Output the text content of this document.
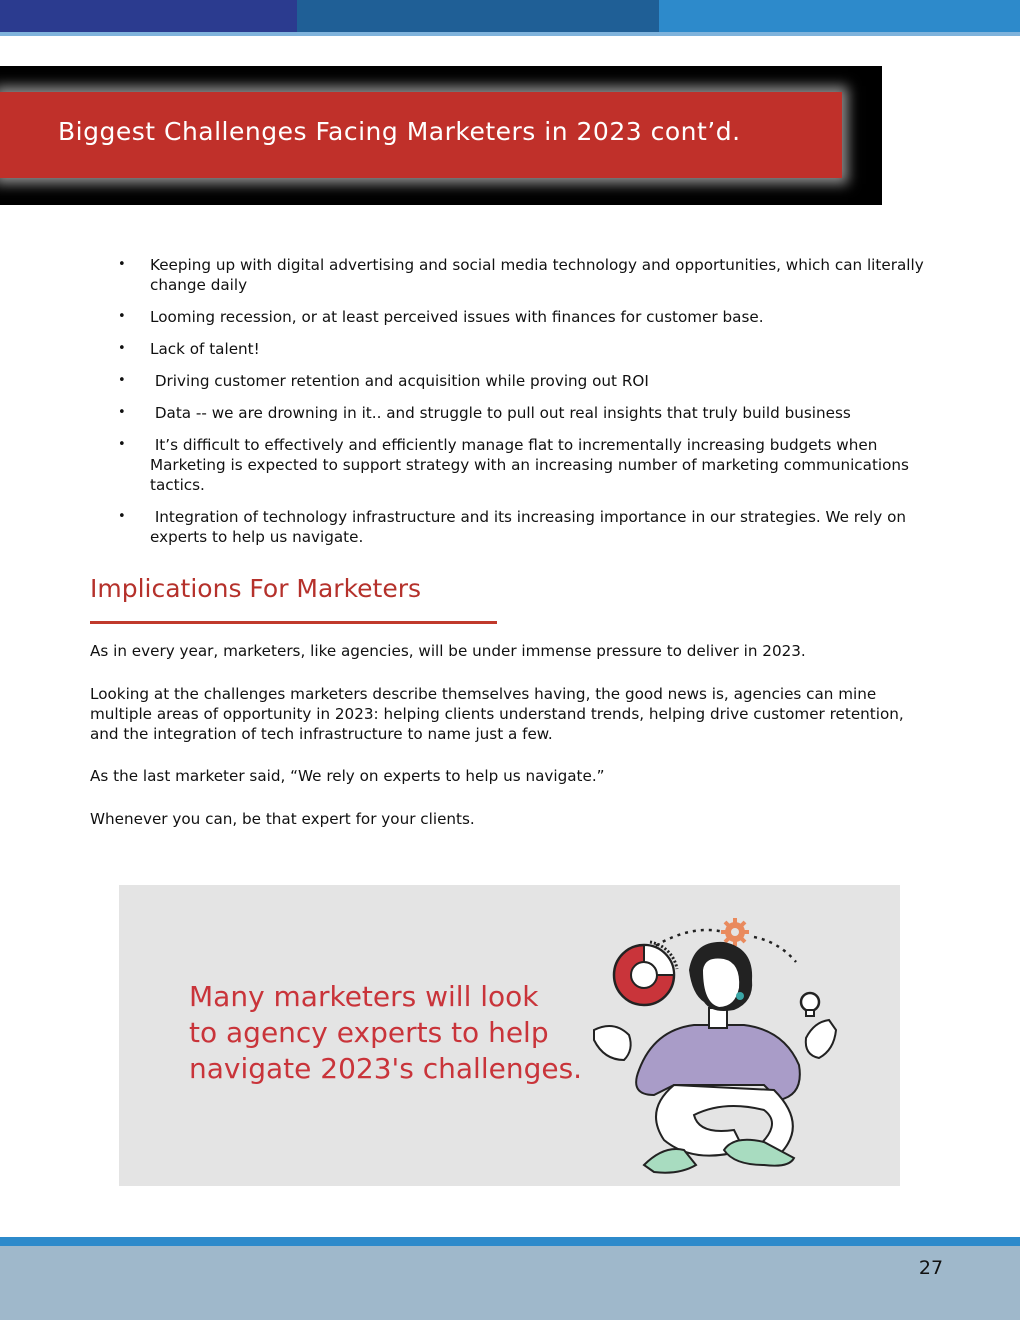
Biggest Challenges Facing Marketers in 2023 cont’d.
• Keeping up with digital advertising and social media technology and opportunities, which can literally change daily
• Looming recession, or at least perceived issues with finances for customer base.
• Lack of talent!
• Driving customer retention and acquisition while proving out ROI
• Data -- we are drowning in it.. and struggle to pull out real insights that truly build business
• It’s difficult to effectively and efficiently manage flat to incrementally increasing budgets when Marketing is expected to support strategy with an increasing number of marketing communications tactics.
• Integration of technology infrastructure and its increasing importance in our strategies. We rely on experts to help us navigate.
Implications For Marketers

As in every year, marketers, like agencies, will be under immense pressure to deliver in 2023.

Looking at the challenges marketers describe themselves having, the good news is, agencies can mine multiple areas of opportunity in 2023: helping clients understand trends, helping drive customer retention, and the integration of tech infrastructure to name just a few.

As the last marketer said, “We rely on experts to help us navigate.”

Whenever you can, be that expert for your clients.

Many marketers will look
to agency experts to help
navigate 2023's challenges.
27
